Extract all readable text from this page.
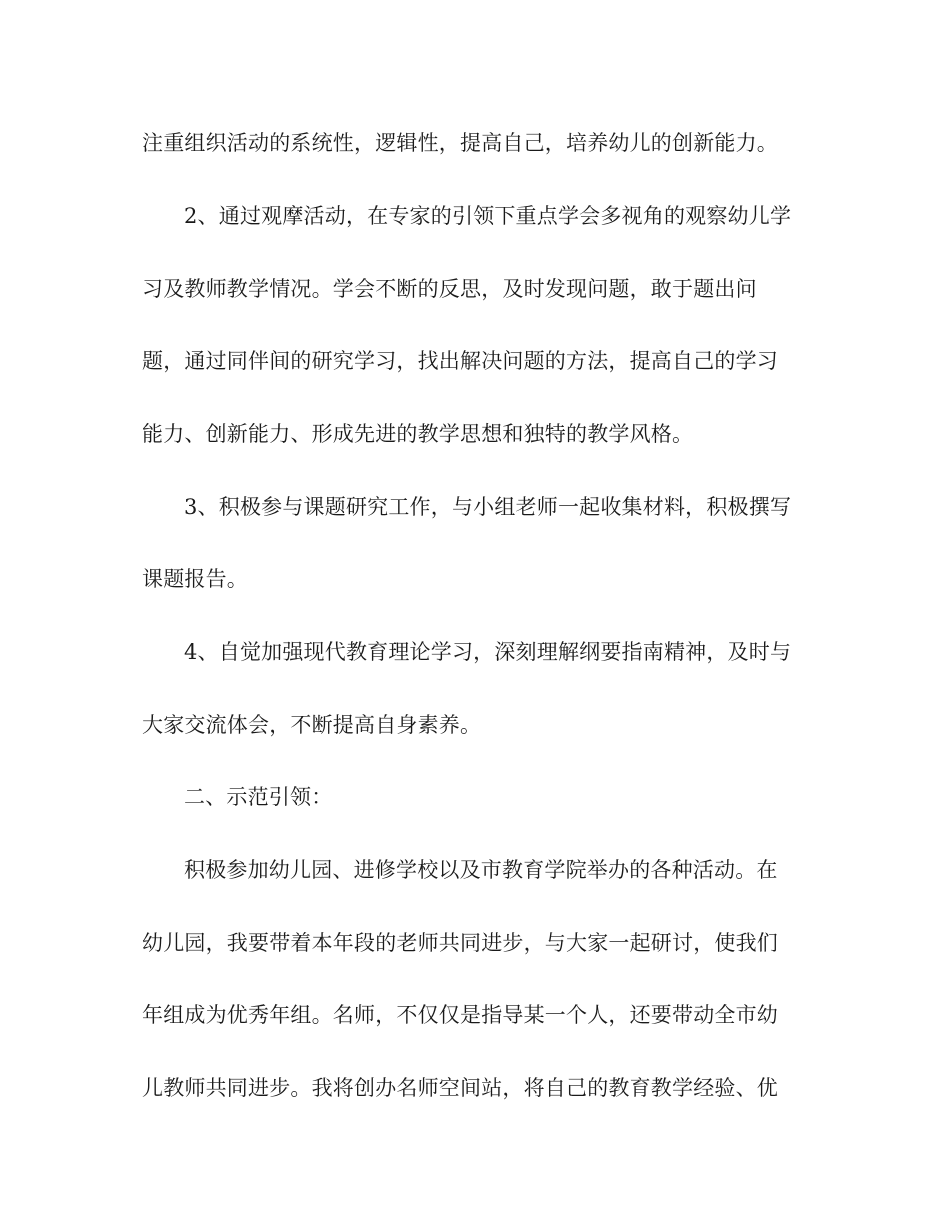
注重组织活动的系统性，逻辑性，提高自己，培养幼儿的创新能力。
2、通过观摩活动，在专家的引领下重点学会多视角的观察幼儿学
习及教师教学情况。学会不断的反思，及时发现问题，敢于题出问
题，通过同伴间的研究学习，找出解决问题的方法，提高自己的学习
能力、创新能力、形成先进的教学思想和独特的教学风格。
3、积极参与课题研究工作，与小组老师一起收集材料，积极撰写
课题报告。
4、自觉加强现代教育理论学习，深刻理解纲要指南精神，及时与
大家交流体会，不断提高自身素养。
二、示范引领：
积极参加幼儿园、进修学校以及市教育学院举办的各种活动。在
幼儿园，我要带着本年段的老师共同进步，与大家一起研讨，使我们
年组成为优秀年组。名师，不仅仅是指导某一个人，还要带动全市幼
儿教师共同进步。我将创办名师空间站，将自己的教育教学经验、优
